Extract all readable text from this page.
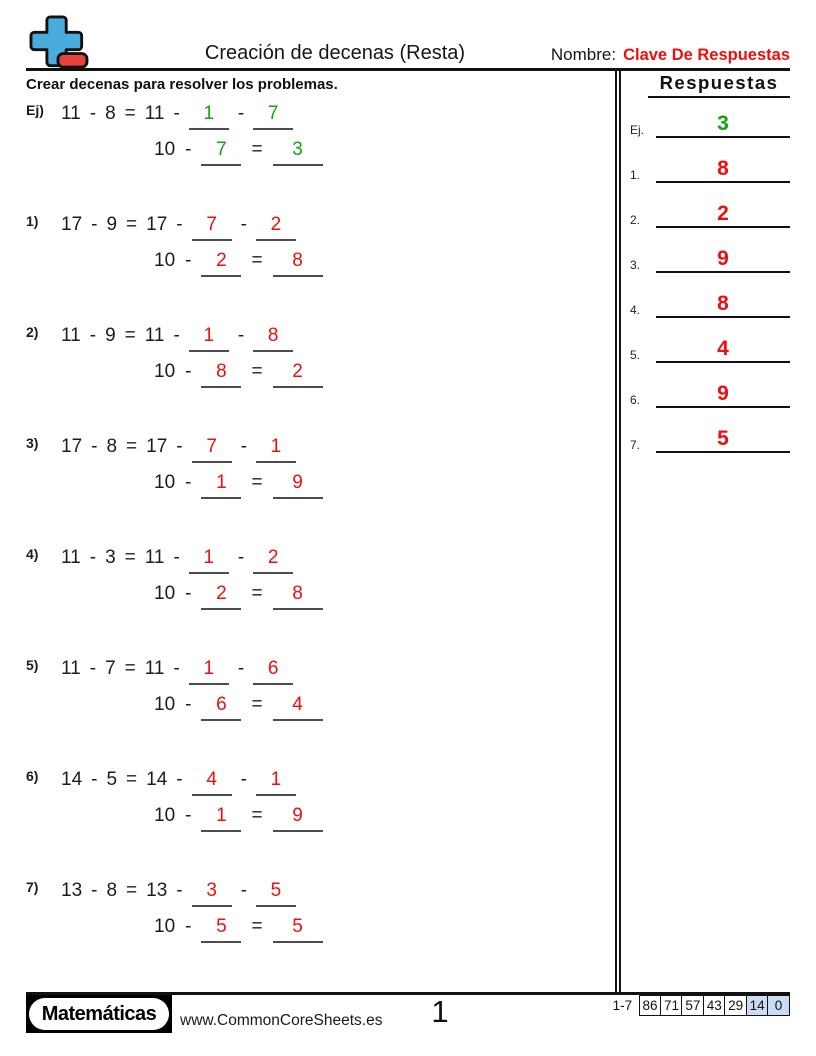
Creación de decenas (Resta)	Nombre: Clave De Respuestas
Crear decenas para resolver los problemas.
Ej) 11 - 8 = 11 -	1	-	7
10 -	7	=	3
1)	17 - 9 = 17 -	7	-	2
10 -	2	=	8
2)	11 - 9 = 11 -	1	-	8
10 -	8	=	2
3)	17 - 8 = 17 -	7	-	1
10 -	1	=	9
4)	11 - 3 = 11 -	1	-	2
10 -	2	=	8
5)	11 - 7 = 11 -	1	-	6
10 -	6	=	4
6)	14 - 5 = 14 -	4	-	1
10 -	1	=	9
7)	13 - 8 = 13 -	3	-	5
10 -	5	=	5
Respuestas
Ej.	3
1.	8
2.	2
3.	9
4.	8
5.	4
6.	9
7.	5
Matemáticas	www.CommonCoreSheets.es	1	1-7 86 71 57 43 29 14 0
